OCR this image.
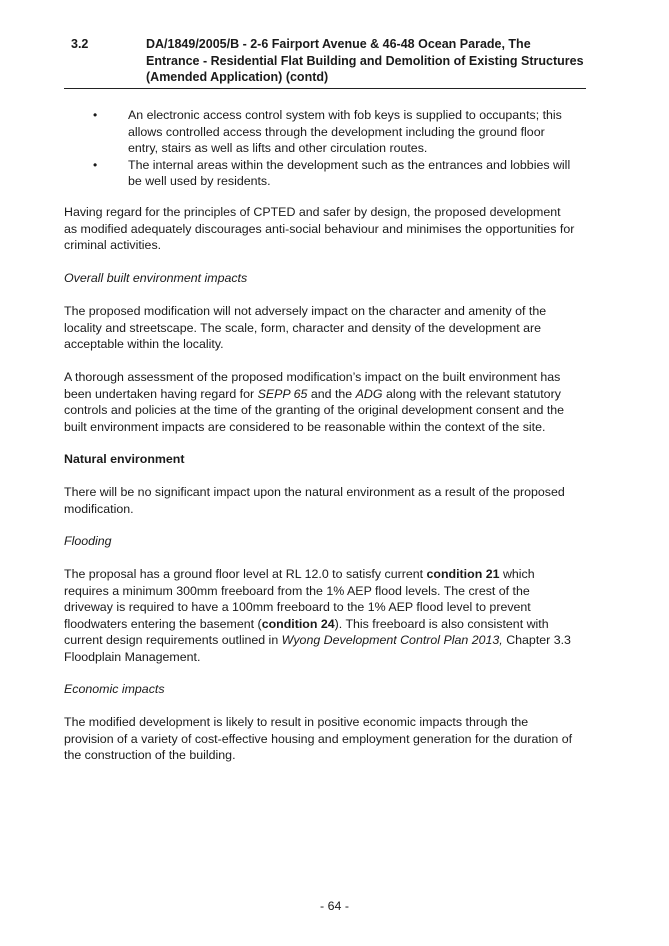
3.2	DA/1849/2005/B - 2-6 Fairport Avenue & 46-48 Ocean Parade, The Entrance - Residential Flat Building and Demolition of Existing Structures (Amended Application) (contd)
• An electronic access control system with fob keys is supplied to occupants; this allows controlled access through the development including the ground floor entry, stairs as well as lifts and other circulation routes.
• The internal areas within the development such as the entrances and lobbies will be well used by residents.

Having regard for the principles of CPTED and safer by design, the proposed development as modified adequately discourages anti-social behaviour and minimises the opportunities for criminal activities.

Overall built environment impacts

The proposed modification will not adversely impact on the character and amenity of the locality and streetscape. The scale, form, character and density of the development are acceptable within the locality.

A thorough assessment of the proposed modification’s impact on the built environment has been undertaken having regard for SEPP 65 and the ADG along with the relevant statutory controls and policies at the time of the granting of the original development consent and the built environment impacts are considered to be reasonable within the context of the site.

Natural environment

There will be no significant impact upon the natural environment as a result of the proposed modification.

Flooding

The proposal has a ground floor level at RL 12.0 to satisfy current condition 21 which requires a minimum 300mm freeboard from the 1% AEP flood levels. The crest of the driveway is required to have a 100mm freeboard to the 1% AEP flood level to prevent floodwaters entering the basement (condition 24). This freeboard is also consistent with current design requirements outlined in Wyong Development Control Plan 2013, Chapter 3.3 Floodplain Management.

Economic impacts

The modified development is likely to result in positive economic impacts through the provision of a variety of cost-effective housing and employment generation for the duration of the construction of the building.

- 64 -
